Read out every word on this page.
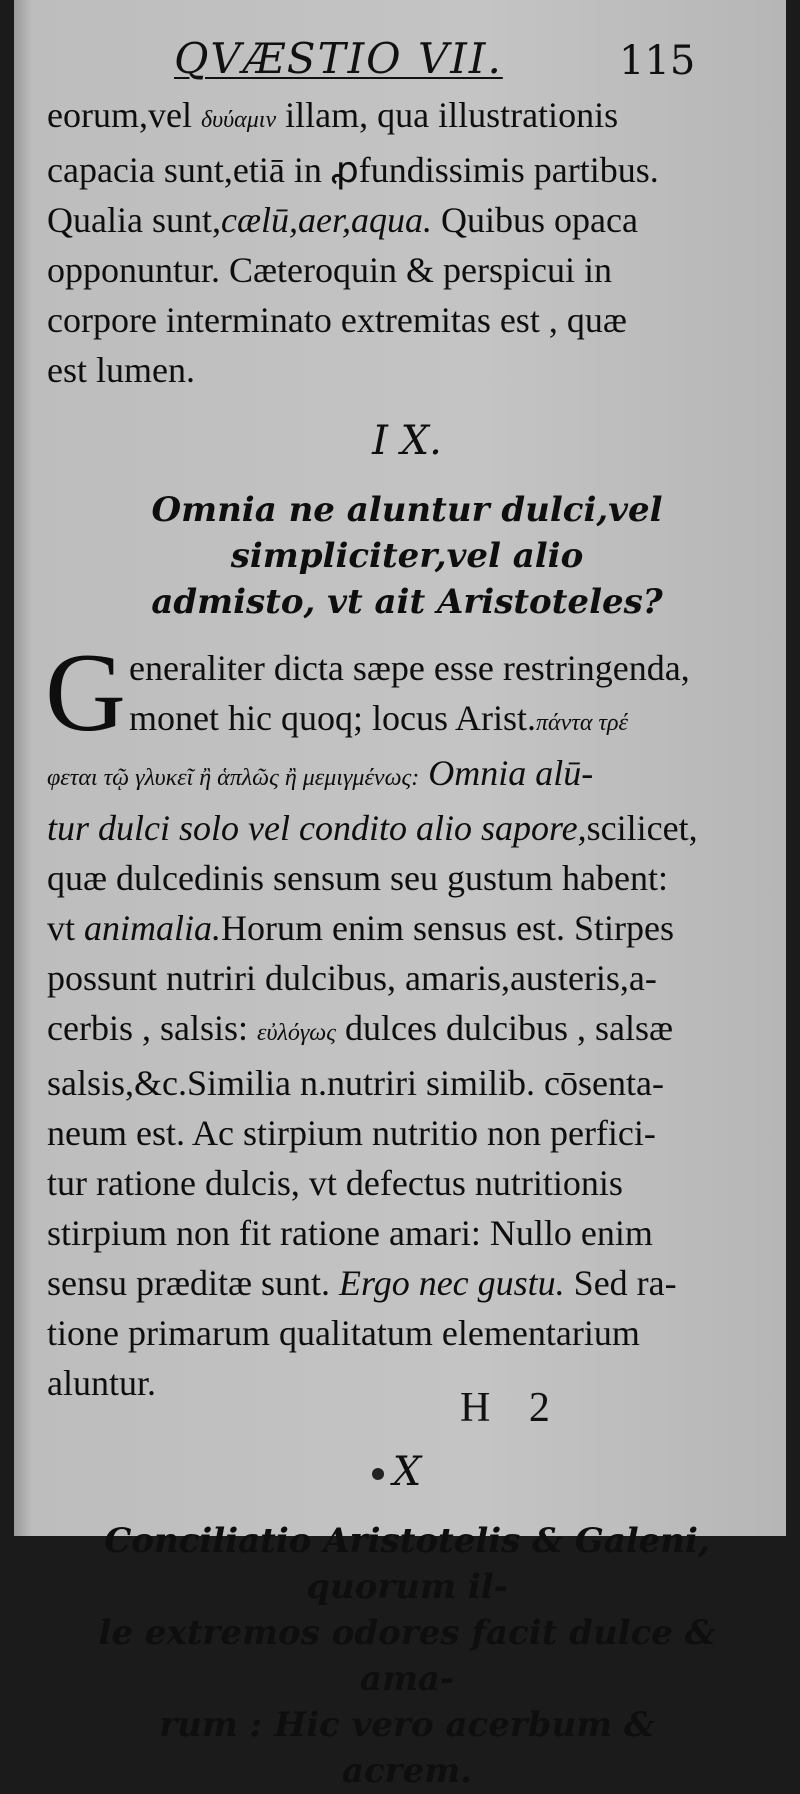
QVÆSTIO VII.	115
eorum,vel δυύαμιν illam, qua illustrationis
capacia sunt,etiā in ꝓfundissimis partibus.
Qualia sunt,cælū,aer,aqua. Quibus opaca
opponuntur. Cæteroquin & perspicui in
corpore interminato extremitas est , quæ
est lumen.
I X.
Omnia ne aluntur dulci,vel simpliciter,vel alio
admisto, vt ait Aristoteles?
G eneraliter dicta sæpe esse restringenda,
monet hic quoq; locus Arist.πάντα τρέ
φεται τῷ γλυκεῖ ἢ ἁπλῶς ἢ μεμιγμένως: Omnia alū-
tur dulci solo vel condito alio sapore,scilicet,
quæ dulcedinis sensum seu gustum habent:
vt animalia.Horum enim sensus est. Stirpes
possunt nutriri dulcibus, amaris,austeris,a-
cerbis , salsis: εὐλόγως dulces dulcibus , salsæ
salsis,&c.Similia n.nutriri similib. cōsenta-
neum est. Ac stirpium nutritio non perfici-
tur ratione dulcis, vt defectus nutritionis
stirpium non fit ratione amari: Nullo enim
sensu præditæ sunt. Ergo nec gustu. Sed ra-
tione primarum qualitatum elementarium
aluntur.
X
Conciliatio Aristotelis & Galeni, quorum il-
le extremos odores facit dulce & ama-
rum : Hic vero acerbum &
acrem.
H 2
